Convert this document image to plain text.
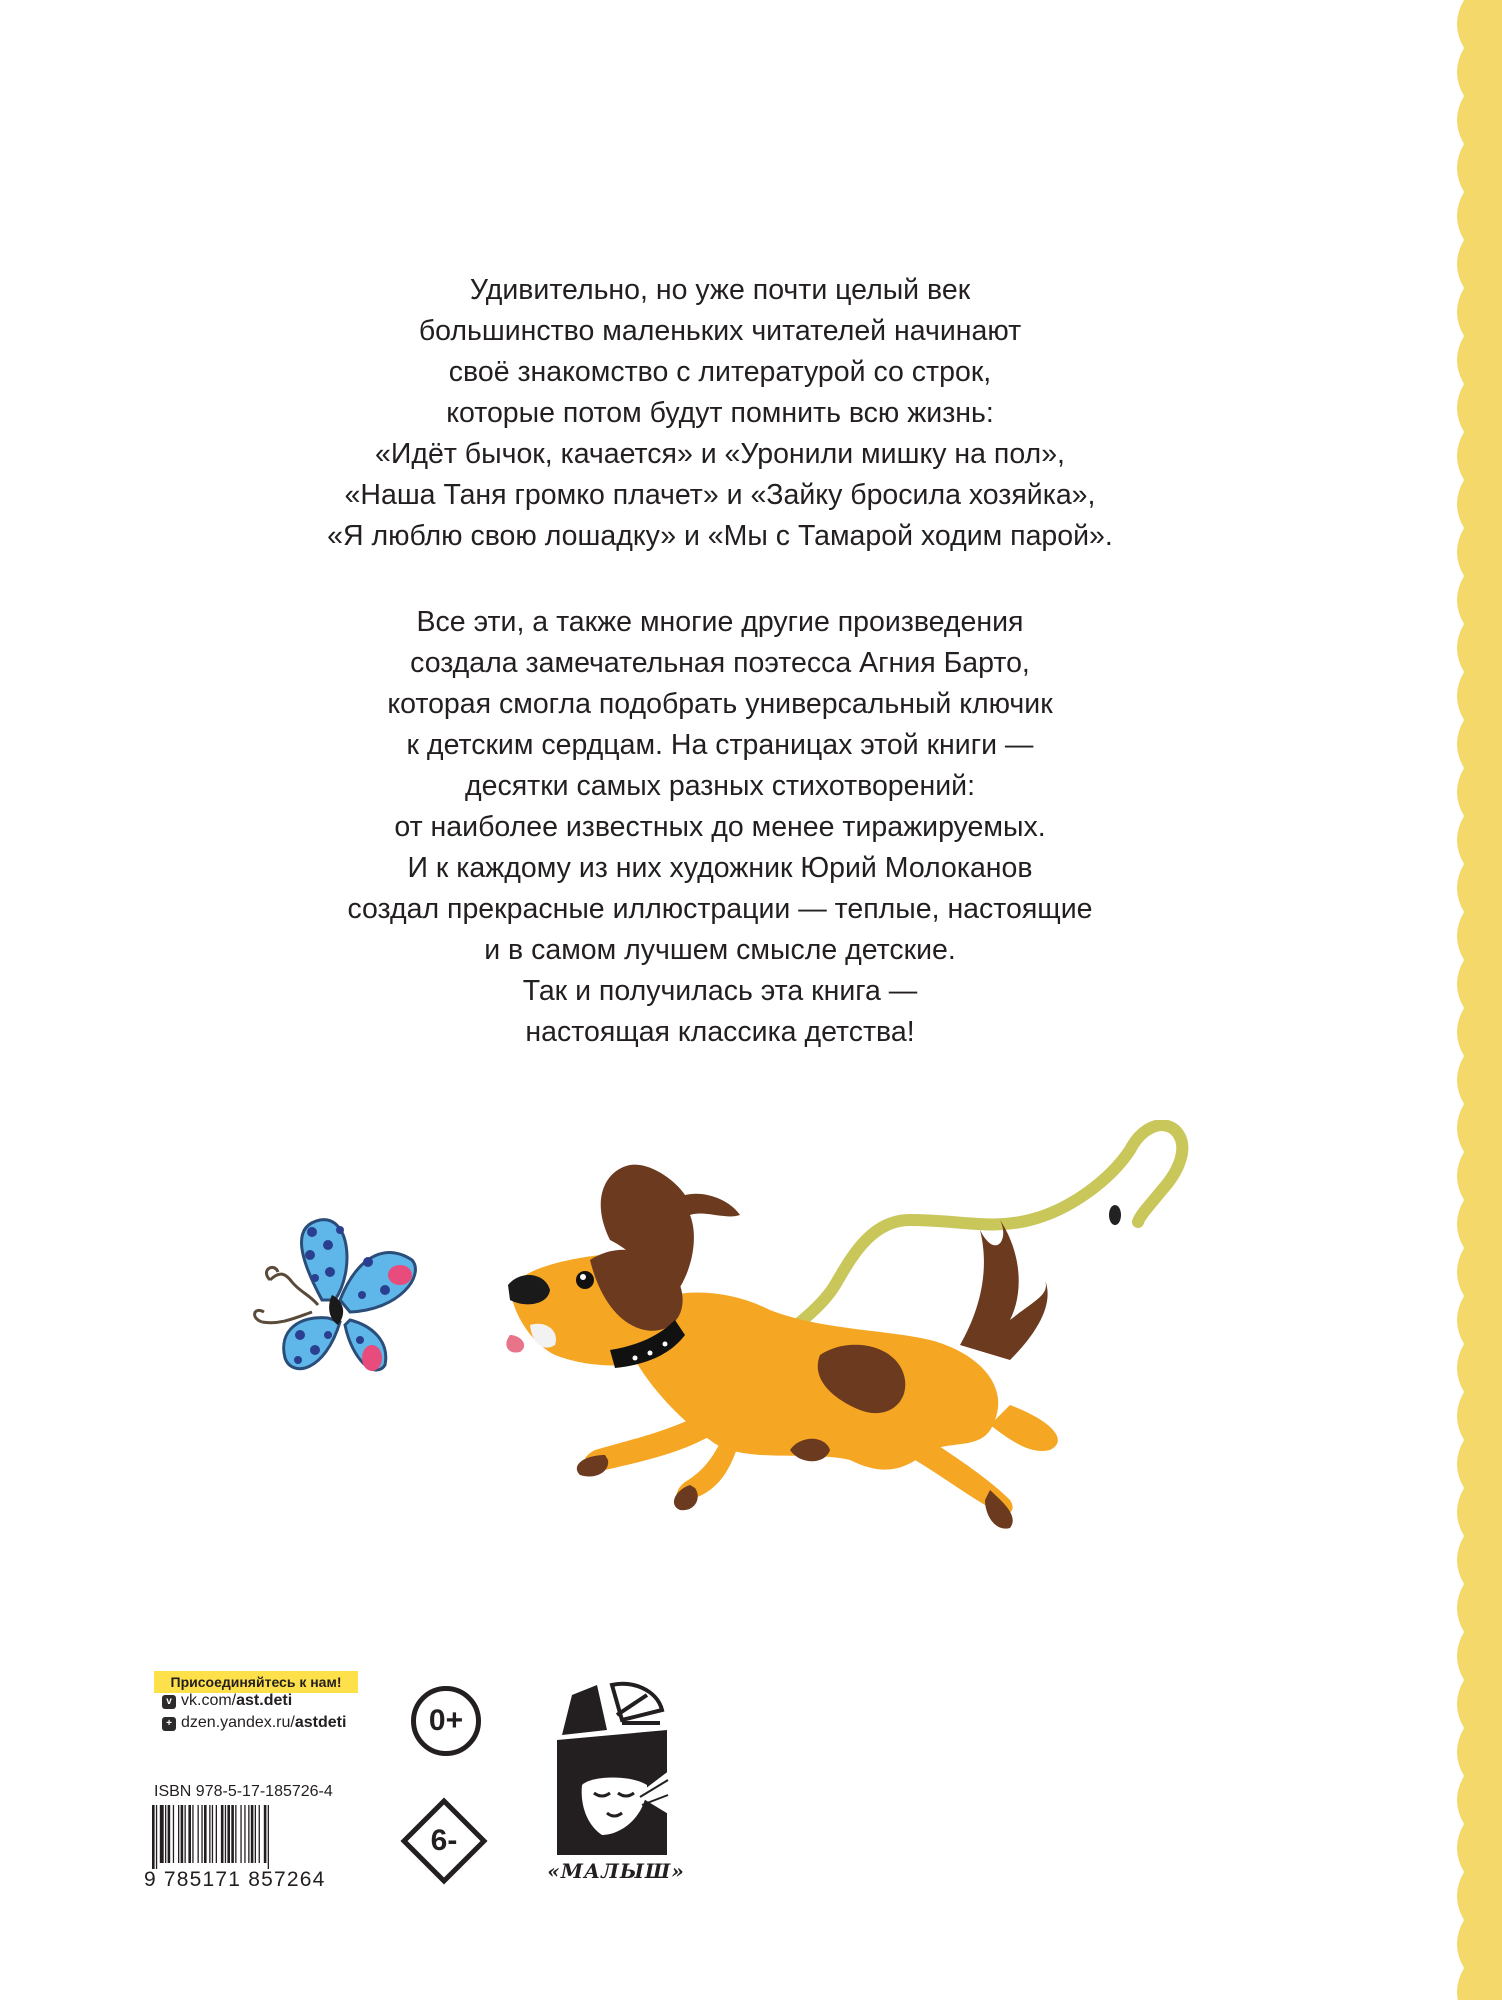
Удивительно, но уже почти целый век
большинство маленьких читателей начинают
своё знакомство с литературой со строк,
которые потом будут помнить всю жизнь:
«Идёт бычок, качается» и «Уронили мишку на пол»,
«Наша Таня громко плачет» и «Зайку бросила хозяйка»,
«Я люблю свою лошадку» и «Мы с Тамарой ходим парой».
Все эти, а также многие другие произведения
создала замечательная поэтесса Агния Барто,
которая смогла подобрать универсальный ключик
к детским сердцам. На страницах этой книги —
десятки самых разных стихотворений:
от наиболее известных до менее тиражируемых.
И к каждому из них художник Юрий Молоканов
создал прекрасные иллюстрации — теплые, настоящие
и в самом лучшем смысле детские.
Так и получилась эта книга —
настоящая классика детства!
Присоединяйтесь к нам!
v vk.com/ast.deti
+ dzen.yandex.ru/astdeti
ISBN 978-5-17-185726-4
9 785171 857264
0+
6-
«МАЛЫШ»
